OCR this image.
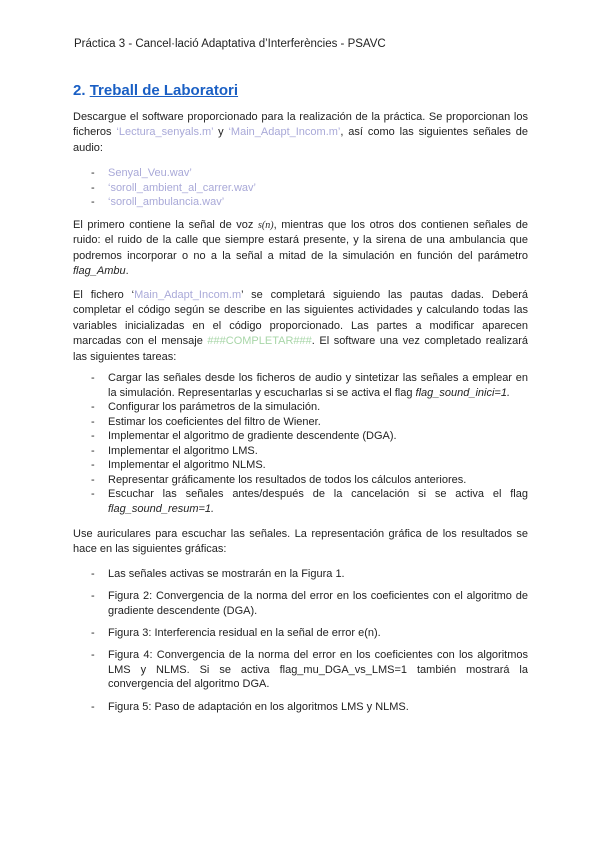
Práctica 3 - Cancel·lació Adaptativa d’Interferències - PSAVC
2. Treball de Laboratori
Descargue el software proporcionado para la realización de la práctica. Se proporcionan los ficheros ‘Lectura_senyals.m’ y ‘Main_Adapt_Incom.m’, así como las siguientes señales de audio:
- Senyal_Veu.wav’
- ‘soroll_ambient_al_carrer.wav’
- ‘soroll_ambulancia.wav’
El primero contiene la señal de voz s(n), mientras que los otros dos contienen señales de ruido: el ruido de la calle que siempre estará presente, y la sirena de una ambulancia que podremos incorporar o no a la señal a mitad de la simulación en función del parámetro flag_Ambu.
El fichero ‘Main_Adapt_Incom.m’ se completará siguiendo las pautas dadas. Deberá completar el código según se describe en las siguientes actividades y calculando todas las variables inicializadas en el código proporcionado. Las partes a modificar aparecen marcadas con el mensaje ###COMPLETAR###. El software una vez completado realizará las siguientes tareas:
- Cargar las señales desde los ficheros de audio y sintetizar las señales a emplear en la simulación. Representarlas y escucharlas si se activa el flag flag_sound_inici=1.
- Configurar los parámetros de la simulación.
- Estimar los coeficientes del filtro de Wiener.
- Implementar el algoritmo de gradiente descendente (DGA).
- Implementar el algoritmo LMS.
- Implementar el algoritmo NLMS.
- Representar gráficamente los resultados de todos los cálculos anteriores.
- Escuchar las señales antes/después de la cancelación si se activa el flag flag_sound_resum=1.
Use auriculares para escuchar las señales. La representación gráfica de los resultados se hace en las siguientes gráficas:
- Las señales activas se mostrarán en la Figura 1.
- Figura 2: Convergencia de la norma del error en los coeficientes con el algoritmo de gradiente descendente (DGA).
- Figura 3: Interferencia residual en la señal de error e(n).
- Figura 4: Convergencia de la norma del error en los coeficientes con los algoritmos LMS y NLMS. Si se activa flag_mu_DGA_vs_LMS=1 también mostrará la convergencia del algoritmo DGA.
- Figura 5: Paso de adaptación en los algoritmos LMS y NLMS.
